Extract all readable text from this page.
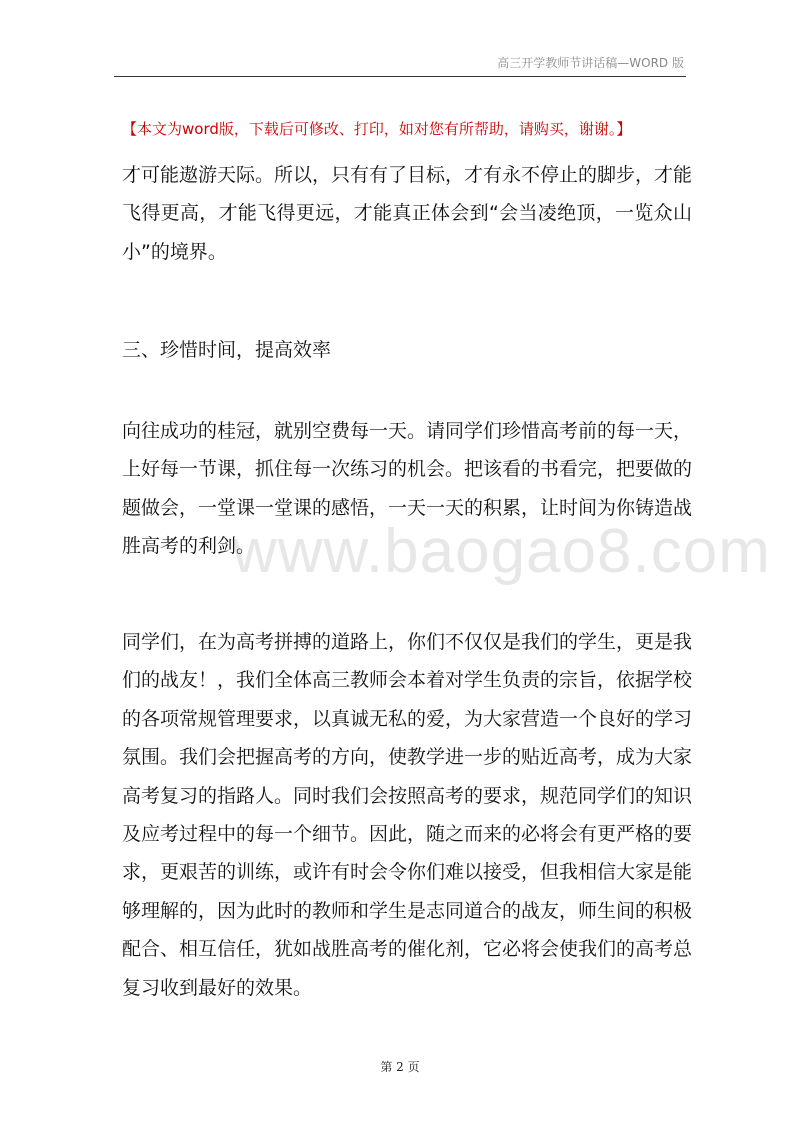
高三开学教师节讲话稿—WORD 版
【本文为word版，下载后可修改、打印，如对您有所帮助，请购买，谢谢。】
www.baogao8.com

才可能遨游天际。所以，只有有了目标，才有永不停止的脚步，才能飞得更高，才能飞得更远，才能真正体会到“会当凌绝顶，一览众山小”的境界。

三、珍惜时间，提高效率

向往成功的桂冠，就别空费每一天。请同学们珍惜高考前的每一天，上好每一节课，抓住每一次练习的机会。把该看的书看完，把要做的题做会，一堂课一堂课的感悟，一天一天的积累，让时间为你铸造战胜高考的利剑。

同学们，在为高考拼搏的道路上，你们不仅仅是我们的学生，更是我们的战友！，我们全体高三教师会本着对学生负责的宗旨，依据学校的各项常规管理要求，以真诚无私的爱，为大家营造一个良好的学习氛围。我们会把握高考的方向，使教学进一步的贴近高考，成为大家高考复习的指路人。同时我们会按照高考的要求，规范同学们的知识及应考过程中的每一个细节。因此，随之而来的必将会有更严格的要求，更艰苦的训练，或许有时会令你们难以接受，但我相信大家是能够理解的，因为此时的教师和学生是志同道合的战友，师生间的积极配合、相互信任，犹如战胜高考的催化剂，它必将会使我们的高考总复习收到最好的效果。

第 2 页
